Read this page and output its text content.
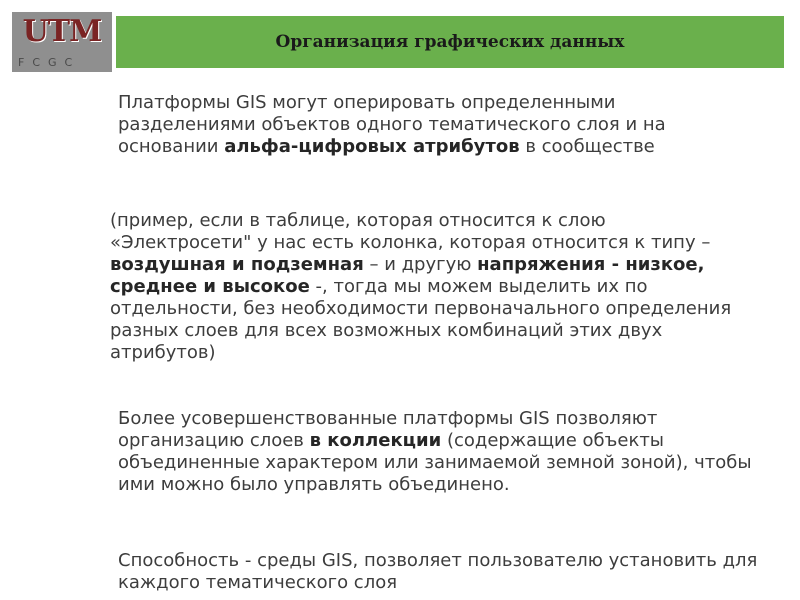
UTM
FCGC
Организация графических данных

Платформы GIS могут оперировать определенными разделениями объектов одного тематического слоя и на основании альфа-цифровых атрибутов в сообществе

(пример, если в таблице, которая относится к слою «Электросети" у нас есть колонка, которая относится к типу – воздушная и подземная – и другую напряжения - низкое, среднее и высокое -, тогда мы можем выделить их по отдельности, без необходимости первоначального определения разных слоев для всех возможных комбинаций этих двух атрибутов)

Более усовершенствованные платформы GIS позволяют организацию слоев в коллекции (содержащие объекты объединенные характером или занимаемой земной зоной), чтобы ими можно было управлять объединено.

Способность - среды GIS, позволяет пользователю установить для каждого тематического слоя
